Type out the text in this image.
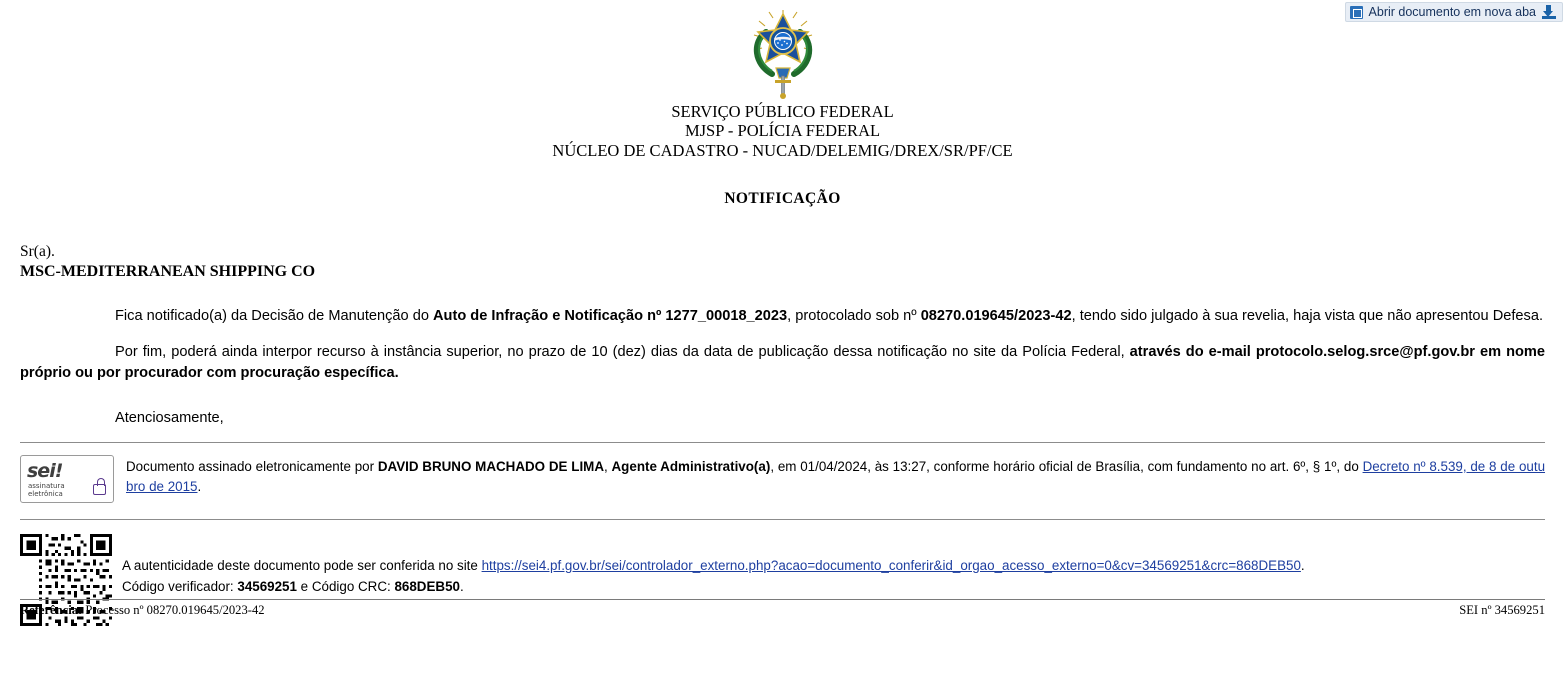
Abrir documento em nova aba
SERVIÇO PÚBLICO FEDERAL
MJSP - POLÍCIA FEDERAL
NÚCLEO DE CADASTRO - NUCAD/DELEMIG/DREX/SR/PF/CE
NOTIFICAÇÃO
Sr(a).
MSC-MEDITERRANEAN SHIPPING CO

Fica notificado(a) da Decisão de Manutenção do Auto de Infração e Notificação nº 1277_00018_2023, protocolado sob nº 08270.019645/2023-42, tendo sido julgado à sua revelia, haja vista que não apresentou Defesa.

Por fim, poderá ainda interpor recurso à instância superior, no prazo de 10 (dez) dias da data de publicação dessa notificação no site da Polícia Federal, através do e-mail protocolo.selog.srce@pf.gov.br em nome próprio ou por procurador com procuração específica.

Atenciosamente,
sei!
assinatura
eletrônica
Documento assinado eletronicamente por DAVID BRUNO MACHADO DE LIMA, Agente Administrativo(a), em 01/04/2024, às 13:27, conforme horário oficial de Brasília, com fundamento no art. 6º, § 1º, do Decreto nº 8.539, de 8 de outubro de 2015.
A autenticidade deste documento pode ser conferida no site https://sei4.pf.gov.br/sei/controlador_externo.php?acao=documento_conferir&id_orgao_acesso_externo=0&cv=34569251&crc=868DEB50.
Código verificador: 34569251 e Código CRC: 868DEB50.
Referência: Processo nº 08270.019645/2023-42	SEI nº 34569251
